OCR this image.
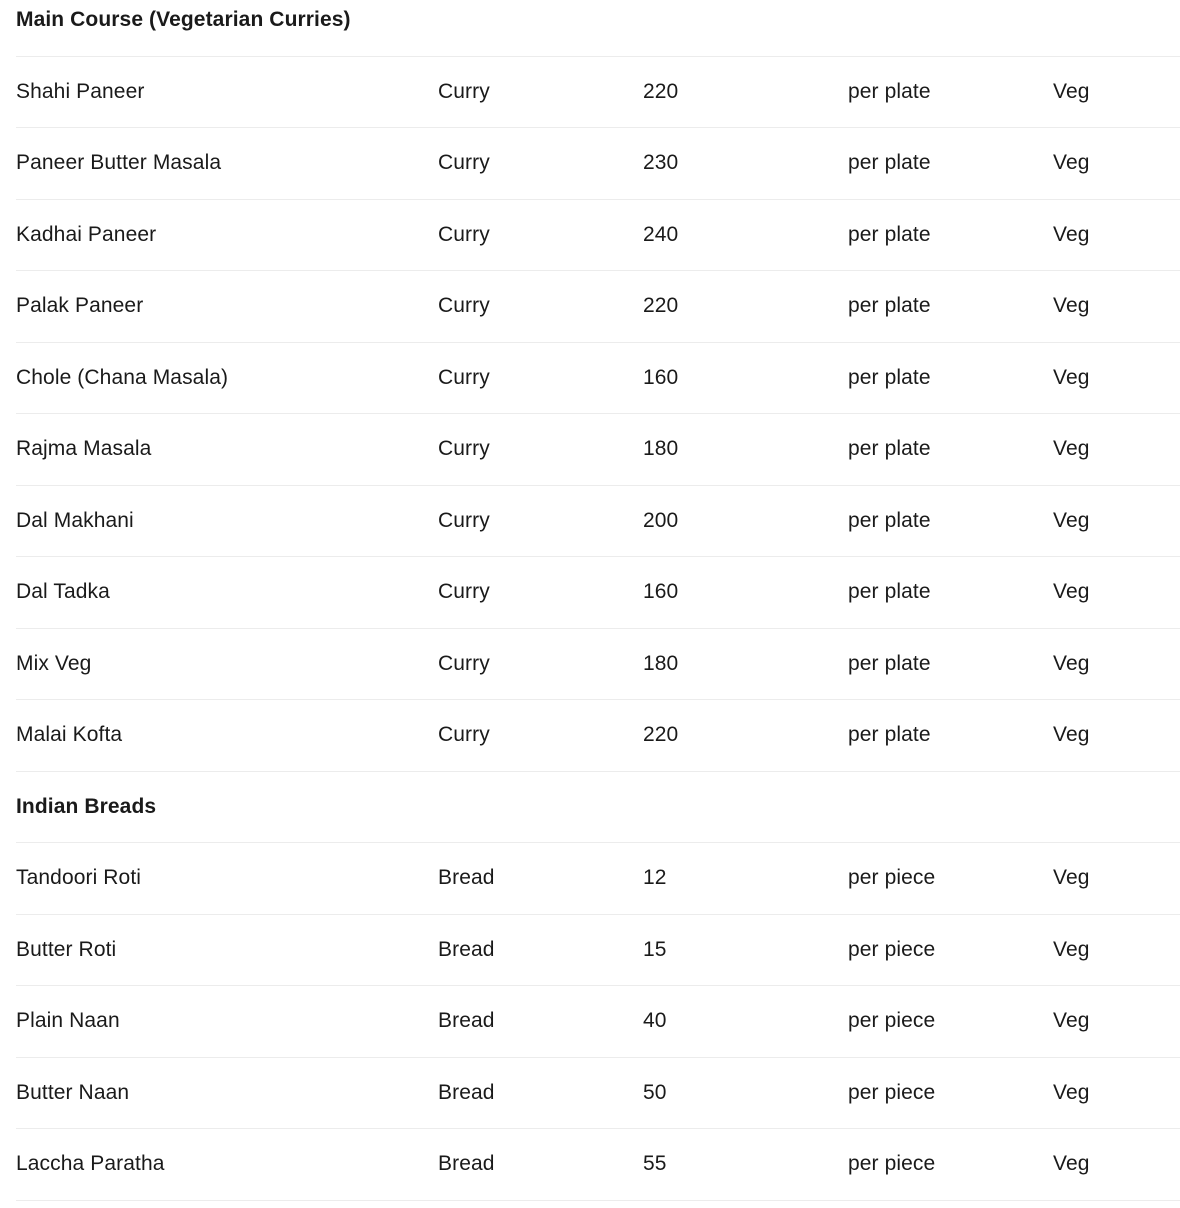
Main Course (Vegetarian Curries)
Shahi Paneer	Curry	220	per plate	Veg
Paneer Butter Masala	Curry	230	per plate	Veg
Kadhai Paneer	Curry	240	per plate	Veg
Palak Paneer	Curry	220	per plate	Veg
Chole (Chana Masala)	Curry	160	per plate	Veg
Rajma Masala	Curry	180	per plate	Veg
Dal Makhani	Curry	200	per plate	Veg
Dal Tadka	Curry	160	per plate	Veg
Mix Veg	Curry	180	per plate	Veg
Malai Kofta	Curry	220	per plate	Veg
Indian Breads
Tandoori Roti	Bread	12	per piece	Veg
Butter Roti	Bread	15	per piece	Veg
Plain Naan	Bread	40	per piece	Veg
Butter Naan	Bread	50	per piece	Veg
Laccha Paratha	Bread	55	per piece	Veg
